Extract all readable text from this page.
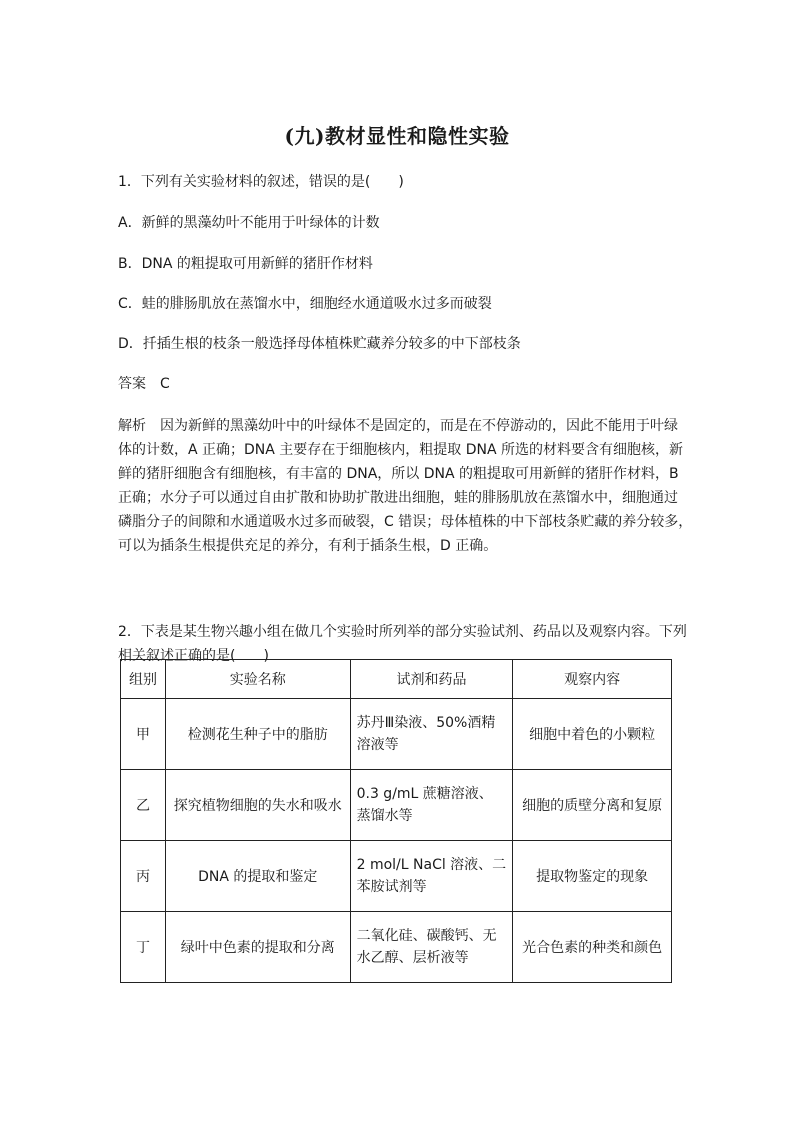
(九)教材显性和隐性实验
1．下列有关实验材料的叙述，错误的是(　　)
A．新鲜的黑藻幼叶不能用于叶绿体的计数
B．DNA 的粗提取可用新鲜的猪肝作材料
C．蛙的腓肠肌放在蒸馏水中，细胞经水通道吸水过多而破裂
D．扦插生根的枝条一般选择母体植株贮藏养分较多的中下部枝条
答案　C
解析　因为新鲜的黑藻幼叶中的叶绿体不是固定的，而是在不停游动的，因此不能用于叶绿
体的计数，A 正确；DNA 主要存在于细胞核内，粗提取 DNA 所选的材料要含有细胞核，新
鲜的猪肝细胞含有细胞核，有丰富的 DNA，所以 DNA 的粗提取可用新鲜的猪肝作材料，B
正确；水分子可以通过自由扩散和协助扩散进出细胞，蛙的腓肠肌放在蒸馏水中，细胞通过
磷脂分子的间隙和水通道吸水过多而破裂，C 错误；母体植株的中下部枝条贮藏的养分较多，
可以为插条生根提供充足的养分，有利于插条生根，D 正确。
2．下表是某生物兴趣小组在做几个实验时所列举的部分实验试剂、药品以及观察内容。下列
相关叙述正确的是(　　)
组别	实验名称	试剂和药品	观察内容
甲	检测花生种子中的脂肪	苏丹Ⅲ染液、50%酒精溶液等	细胞中着色的小颗粒
乙	探究植物细胞的失水和吸水	0.3 g/mL 蔗糖溶液、蒸馏水等	细胞的质壁分离和复原
丙	DNA 的提取和鉴定	2 mol/L NaCl 溶液、二苯胺试剂等	提取物鉴定的现象
丁	绿叶中色素的提取和分离	二氧化硅、碳酸钙、无水乙醇、层析液等	光合色素的种类和颜色
